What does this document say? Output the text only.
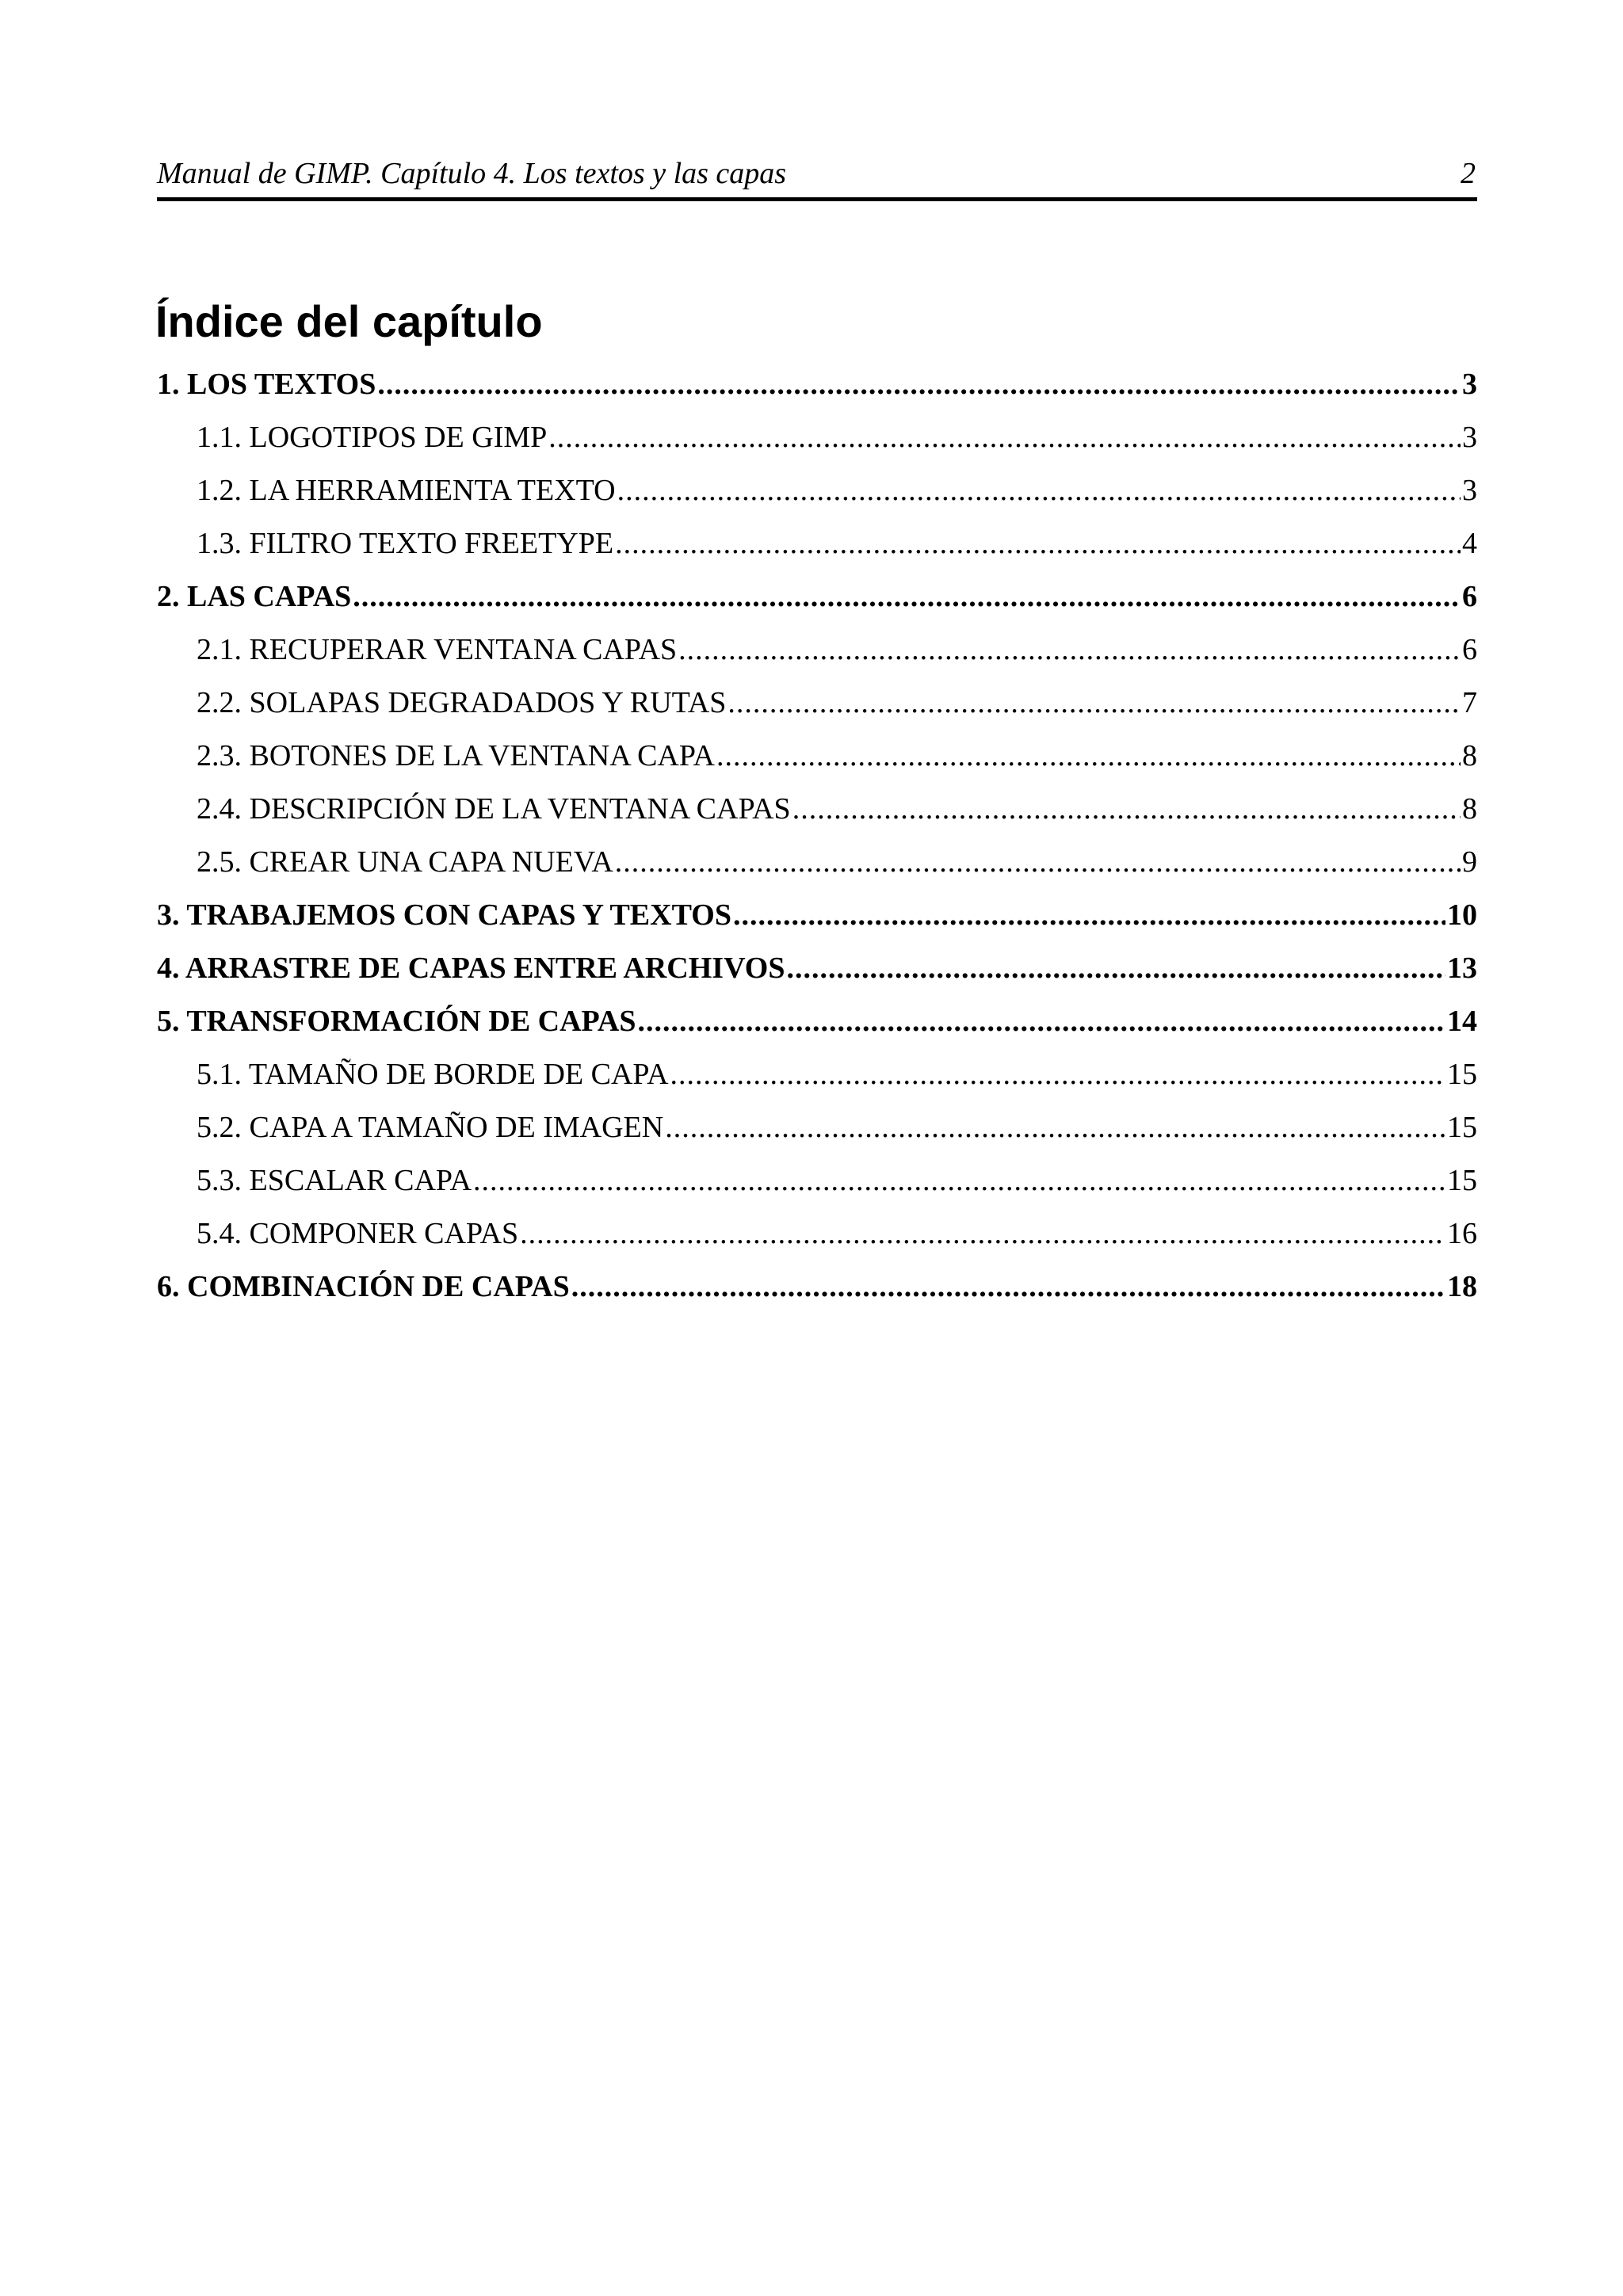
Manual de GIMP. Capítulo 4. Los textos y las capas	2
Índice del capítulo
1. LOS TEXTOS .....	3
1.1. LOGOTIPOS DE GIMP .....	3
1.2. LA HERRAMIENTA TEXTO .....	3
1.3. FILTRO TEXTO FREETYPE .....	4
2. LAS CAPAS .....	6
2.1. RECUPERAR VENTANA CAPAS .....	6
2.2. SOLAPAS DEGRADADOS Y RUTAS .....	7
2.3. BOTONES DE LA VENTANA CAPA .....	8
2.4. DESCRIPCIÓN DE LA VENTANA CAPAS .....	8
2.5. CREAR UNA CAPA NUEVA .....	9
3. TRABAJEMOS CON CAPAS Y TEXTOS .....	10
4. ARRASTRE DE CAPAS ENTRE ARCHIVOS .....	13
5. TRANSFORMACIÓN DE CAPAS .....	14
5.1. TAMAÑO DE BORDE DE CAPA .....	15
5.2. CAPA A TAMAÑO DE IMAGEN .....	15
5.3. ESCALAR CAPA .....	15
5.4. COMPONER CAPAS .....	16
6. COMBINACIÓN DE CAPAS .....	18
